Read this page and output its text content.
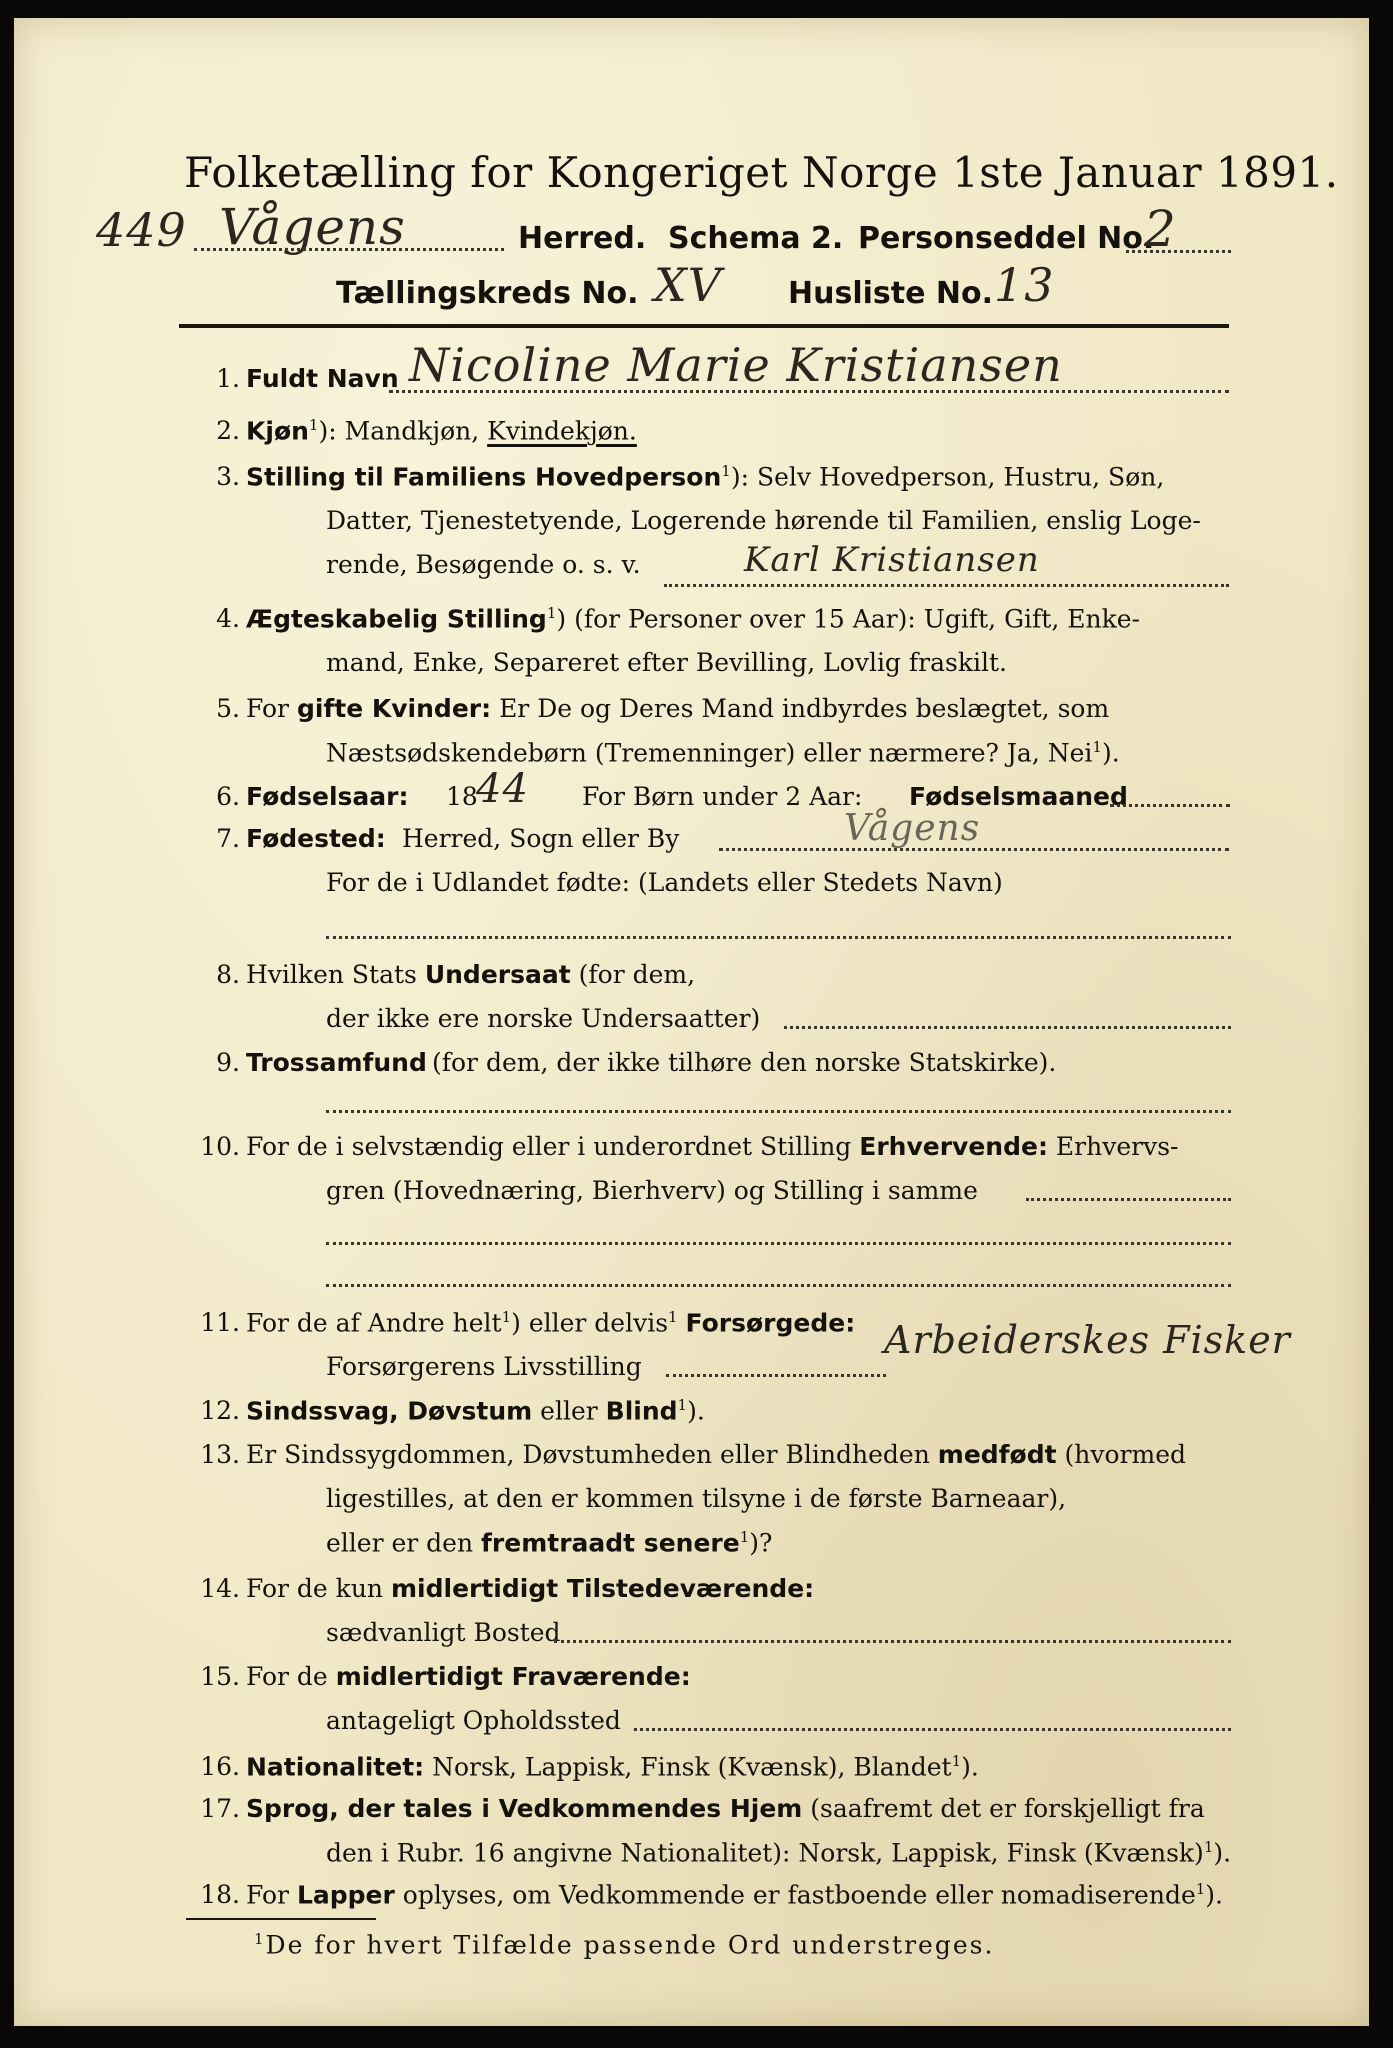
Folketælling for Kongeriget Norge 1ste Januar 1891.
449 Vågens	Herred. Schema 2. Personseddel No.
2
Tællingskreds No. XV Husliste No. 13
1. Fuldt Navn Nicoline Marie Kristiansen
2. Kjøn$^1$): Mandkjøn, Kvindekjøn.
3. Stilling til Familiens Hovedperson$^1$): Selv Hovedperson, Hustru, Søn,
Datter, Tjenestetyende, Logerende hørende til Familien, enslig Loge-
rende, Besøgende o. s. v.	Karl Kristiansen
4. Ægteskabelig Stilling$^1$) (for Personer over 15 Aar): Ugift, Gift, Enke-
mand, Enke, Separeret efter Bevilling, Lovlig fraskilt.
5. For gifte Kvinder: Er De og Deres Mand indbyrdes beslægtet, som
Næstsødskendebørn (Tremenninger) eller nærmere? Ja, Nei$^1$).
6. Fødselsaar: 18
44 For Børn under 2 Aar: Fødselsmaaned
7. Fødested: Herred, Sogn eller By	Vågens
For de i Udlandet fødte: (Landets eller Stedets Navn)
8. Hvilken Stats Undersaat (for dem,
der ikke ere norske Undersaatter)
9. Trossamfund (for dem, der ikke tilhøre den norske Statskirke).
10. For de i selvstændig eller i underordnet Stilling Erhvervende: Erhvervs-
gren (Hovednæring, Bierhverv) og Stilling i samme
11. For de af Andre helt$^1$) eller delvis$^1$ Forsørgede:
Forsørgerens Livsstilling
Arbeiderskes Fisker
12. Sindssvag, Døvstum eller Blind$^1$).
13. Er Sindssygdommen, Døvstumheden eller Blindheden medfødt (hvormed
ligestilles, at den er kommen tilsyne i de første Barneaar),
eller er den fremtraadt senere$^1$)?
14. For de kun midlertidigt Tilstedeværende:
sædvanligt Bosted
15. For de midlertidigt Fraværende:
antageligt Opholdssted
16. Nationalitet: Norsk, Lappisk, Finsk (Kvænsk), Blandet$^1$).
17. Sprog, der tales i Vedkommendes Hjem (saafremt det er forskjelligt fra
den i Rubr. 16 angivne Nationalitet): Norsk, Lappisk, Finsk (Kvænsk)$^1$).
18. For Lapper oplyses, om Vedkommende er fastboende eller nomadiserende$^1$).
$^1$De for hvert Tilfælde passende Ord understreges.
